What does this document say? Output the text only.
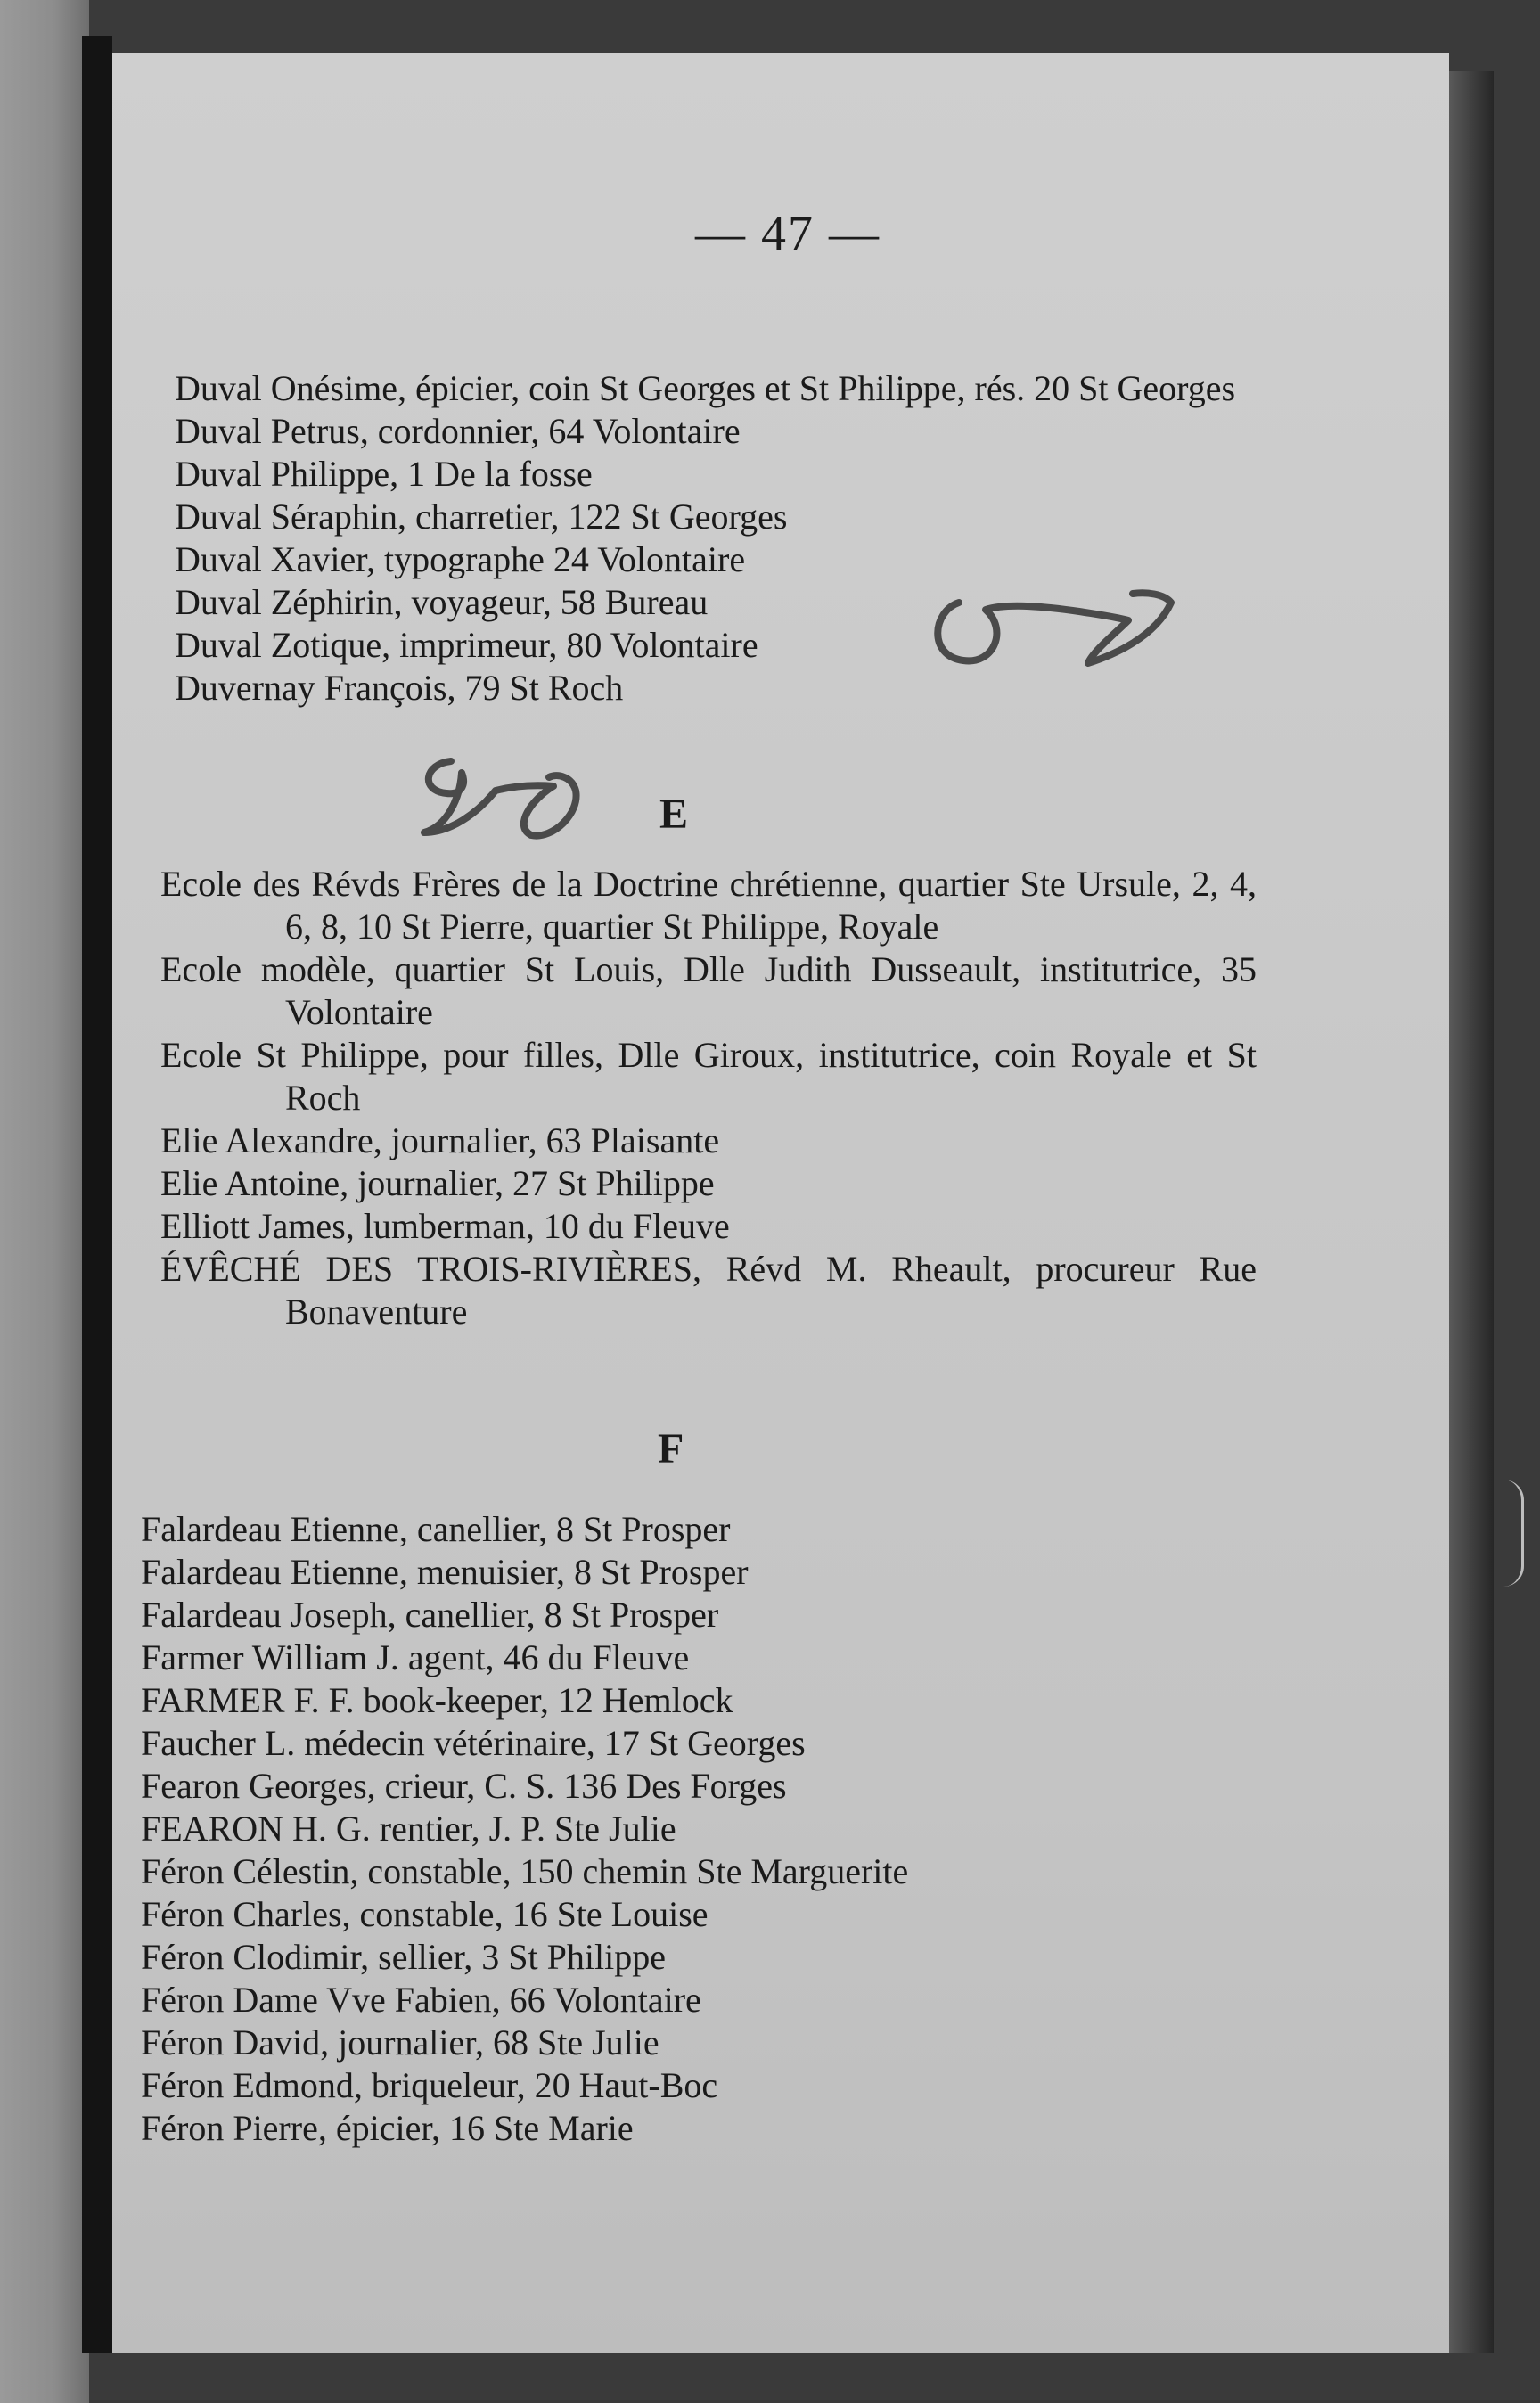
— 47 —

Duval Onésime, épicier, coin St Georges et St Philippe, rés. 20 St Georges

Duval Petrus, cordonnier, 64 Volontaire

Duval Philippe, 1 De la fosse

Duval Séraphin, charretier, 122 St Georges

Duval Xavier, typographe 24 Volontaire

Duval Zéphirin, voyageur, 58 Bureau

Duval Zotique, imprimeur, 80 Volontaire

Duvernay François, 79 St Roch

E

Ecole des Révds Frères de la Doctrine chrétienne, quartier Ste Ursule, 2, 4, 6, 8, 10 St Pierre, quartier St Philippe, Royale

Ecole modèle, quartier St Louis, Dlle Judith Dusseault, institutrice, 35 Volontaire

Ecole St Philippe, pour filles, Dlle Giroux, institutrice, coin Royale et St Roch

Elie Alexandre, journalier, 63 Plaisante

Elie Antoine, journalier, 27 St Philippe

Elliott James, lumberman, 10 du Fleuve

ÉVÊCHÉ DES TROIS-RIVIÈRES, Révd M. Rheault, procureur Rue Bonaventure

F

Falardeau Etienne, canellier, 8 St Prosper

Falardeau Etienne, menuisier, 8 St Prosper

Falardeau Joseph, canellier, 8 St Prosper

Farmer William J. agent, 46 du Fleuve

FARMER F. F. book-keeper, 12 Hemlock

Faucher L. médecin vétérinaire, 17 St Georges

Fearon Georges, crieur, C. S. 136 Des Forges

FEARON H. G. rentier, J. P. Ste Julie

Féron Célestin, constable, 150 chemin Ste Marguerite

Féron Charles, constable, 16 Ste Louise

Féron Clodimir, sellier, 3 St Philippe

Féron Dame Vve Fabien, 66 Volontaire

Féron David, journalier, 68 Ste Julie

Féron Edmond, briqueleur, 20 Haut-Boc

Féron Pierre, épicier, 16 Ste Marie
